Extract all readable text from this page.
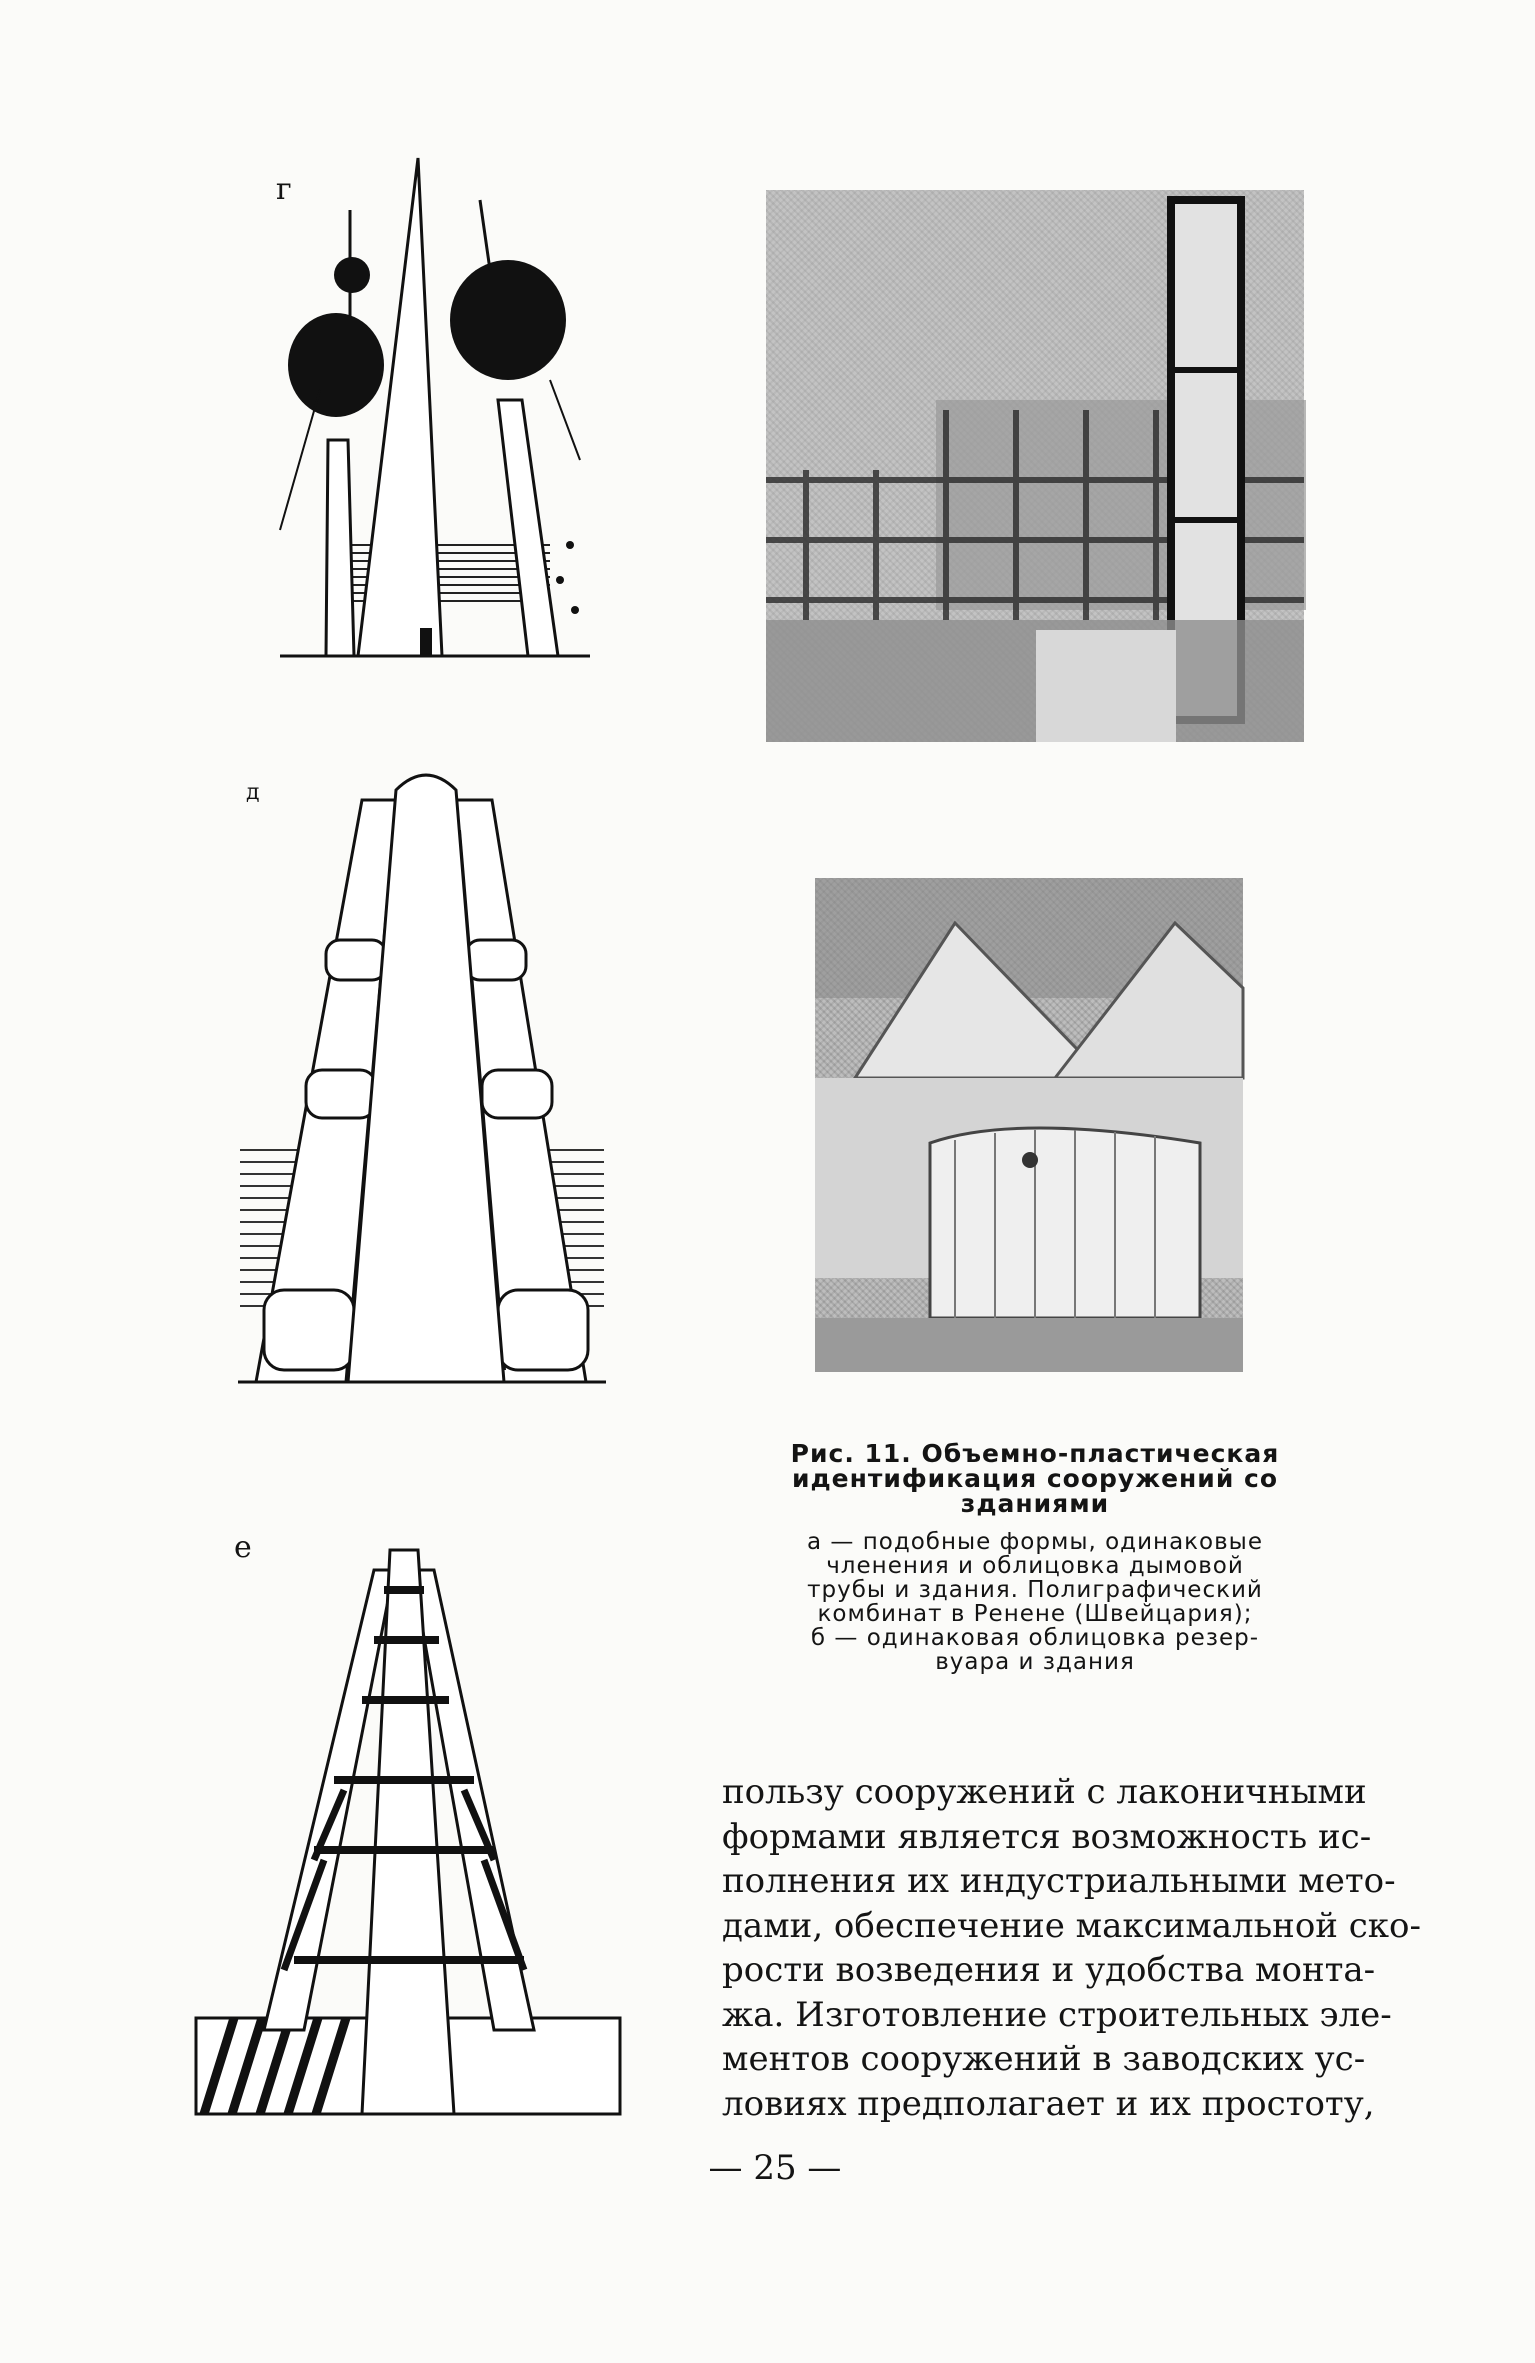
г
д
Рис. 11. Объемно-пластическая
идентификация сооружений со
зданиями
а — подобные формы, одинаковые
членения и облицовка дымовой
трубы и здания. Полиграфический
комбинат в Ренене (Швейцария);
б — одинаковая облицовка резер-
вуара и здания
е
пользу сооружений с лаконичными
формами является возможность ис-
полнения их индустриальными мето-
дами, обеспечение максимальной ско-
рости возведения и удобства монта-
жа. Изготовление строительных эле-
ментов сооружений в заводских ус-
ловиях предполагает и их простоту,
— 25 —
